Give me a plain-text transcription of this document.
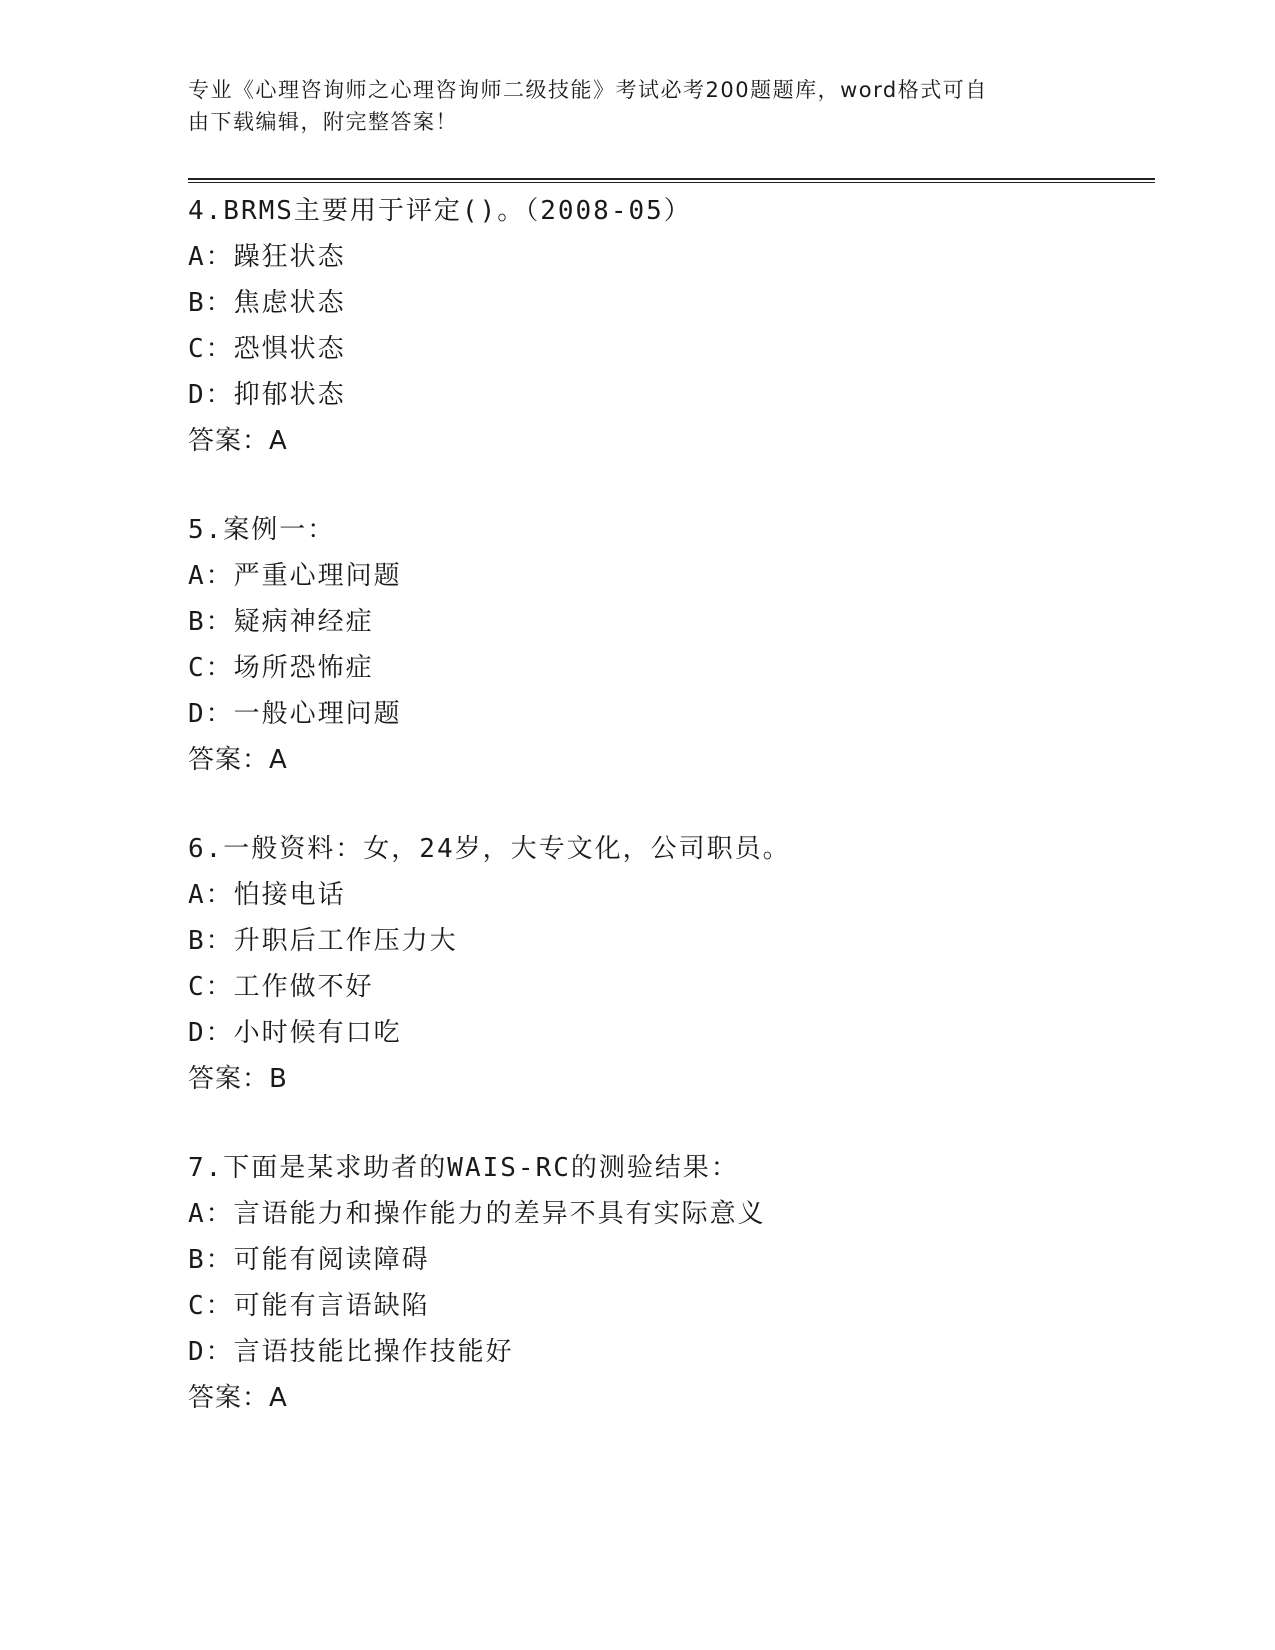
专业《心理咨询师之心理咨询师二级技能》考试必考200题题库，word格式可自
由下载编辑，附完整答案！
4.BRMS主要用于评定()。（2008-05）
A：躁狂状态
B：焦虑状态
C：恐惧状态
D：抑郁状态
答案：A
5.案例一：
A：严重心理问题
B：疑病神经症
C：场所恐怖症
D：一般心理问题
答案：A
6.一般资料：女，24岁，大专文化，公司职员。
A：怕接电话
B：升职后工作压力大
C：工作做不好
D：小时候有口吃
答案：B
7.下面是某求助者的WAIS-RC的测验结果：
A：言语能力和操作能力的差异不具有实际意义
B：可能有阅读障碍
C：可能有言语缺陷
D：言语技能比操作技能好
答案：A
